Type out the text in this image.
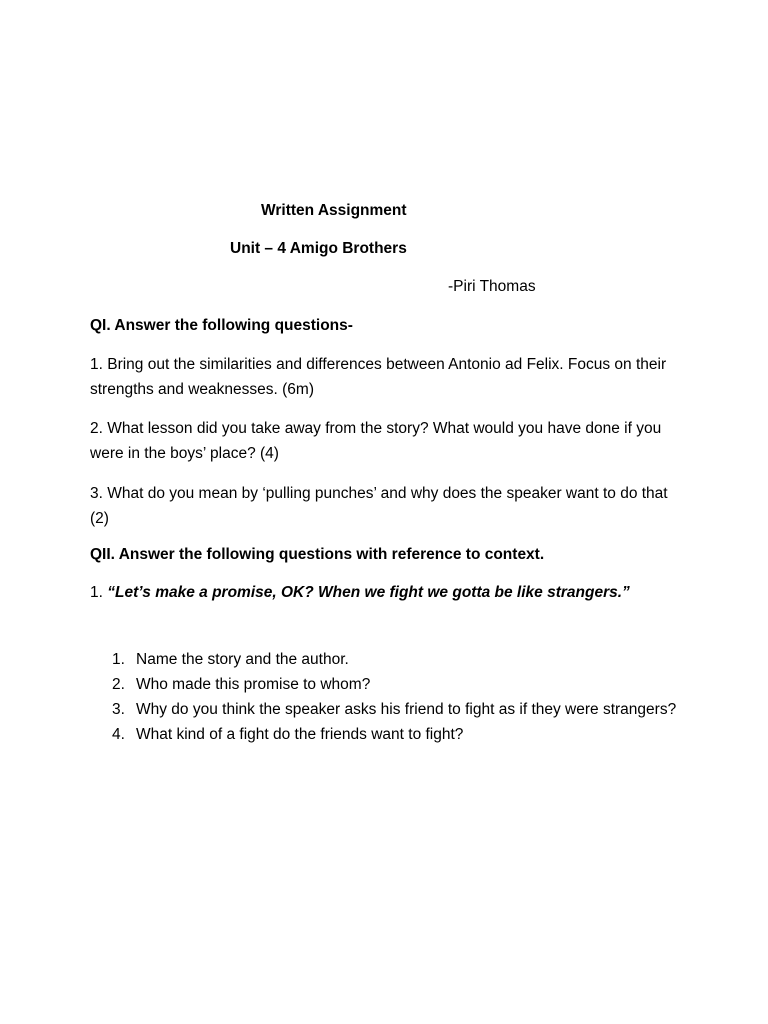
Written Assignment
Unit – 4 Amigo Brothers
-Piri Thomas
QI. Answer the following questions-
1. Bring out the similarities and differences between Antonio ad Felix. Focus on their strengths and weaknesses. (6m)
2. What lesson did you take away from the story? What would you have done if you were in the boys’ place? (4)
3. What do you mean by ‘pulling punches’ and why does the speaker want to do that (2)
QII. Answer the following questions with reference to context.
1. “Let’s make a promise, OK? When we fight we gotta be like strangers.”
1. Name the story and the author.
2. Who made this promise to whom?
3. Why do you think the speaker asks his friend to fight as if they were strangers?
4. What kind of a fight do the friends want to fight?
